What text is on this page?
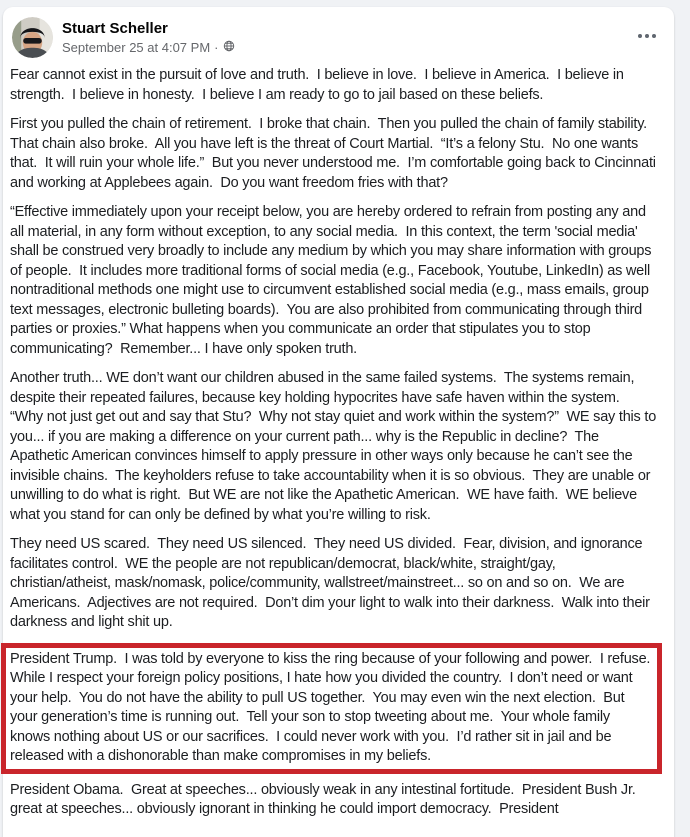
Stuart Scheller
September 25 at 4:07 PM ·

Fear cannot exist in the pursuit of love and truth.  I believe in love.  I believe in America.  I believe in strength.  I believe in honesty.  I believe I am ready to go to jail based on these beliefs.

First you pulled the chain of retirement.  I broke that chain.  Then you pulled the chain of family stability.  That chain also broke.  All you have left is the threat of Court Martial.  “It’s a felony Stu.  No one wants that.  It will ruin your whole life.”  But you never understood me.  I’m comfortable going back to Cincinnati and working at Applebees again.  Do you want freedom fries with that?

“Effective immediately upon your receipt below, you are hereby ordered to refrain from posting any and all material, in any form without exception, to any social media.  In this context, the term 'social media' shall be construed very broadly to include any medium by which you may share information with groups of people.  It includes more traditional forms of social media (e.g., Facebook, Youtube, LinkedIn) as well nontraditional methods one might use to circumvent established social media (e.g., mass emails, group text messages, electronic bulleting boards).  You are also prohibited from communicating through third parties or proxies.” What happens when you communicate an order that stipulates you to stop communicating?  Remember... I have only spoken truth.

Another truth... WE don’t want our children abused in the same failed systems.  The systems remain, despite their repeated failures, because key holding hypocrites have safe haven within the system.  “Why not just get out and say that Stu?  Why not stay quiet and work within the system?”  WE say this to you... if you are making a difference on your current path... why is the Republic in decline?  The Apathetic American convinces himself to apply pressure in other ways only because he can’t see the invisible chains.  The keyholders refuse to take accountability when it is so obvious.  They are unable or unwilling to do what is right.  But WE are not like the Apathetic American.  WE have faith.  WE believe what you stand for can only be defined by what you’re willing to risk.

They need US scared.  They need US silenced.  They need US divided.  Fear, division, and ignorance facilitates control.  WE the people are not republican/democrat, black/white, straight/gay, christian/atheist, mask/nomask, police/community, wallstreet/mainstreet... so on and so on.  We are Americans.  Adjectives are not required.  Don’t dim your light to walk into their darkness.  Walk into their darkness and light shit up.

President Trump.  I was told by everyone to kiss the ring because of your following and power.  I refuse.  While I respect your foreign policy positions, I hate how you divided the country.  I don’t need or want your help.  You do not have the ability to pull US together.  You may even win the next election.  But your generation’s time is running out.  Tell your son to stop tweeting about me.  Your whole family knows nothing about US or our sacrifices.  I could never work with you.  I’d rather sit in jail and be released with a dishonorable than make compromises in my beliefs.

President Obama.  Great at speeches... obviously weak in any intestinal fortitude.  President Bush Jr.  great at speeches... obviously ignorant in thinking he could import democracy.  President
